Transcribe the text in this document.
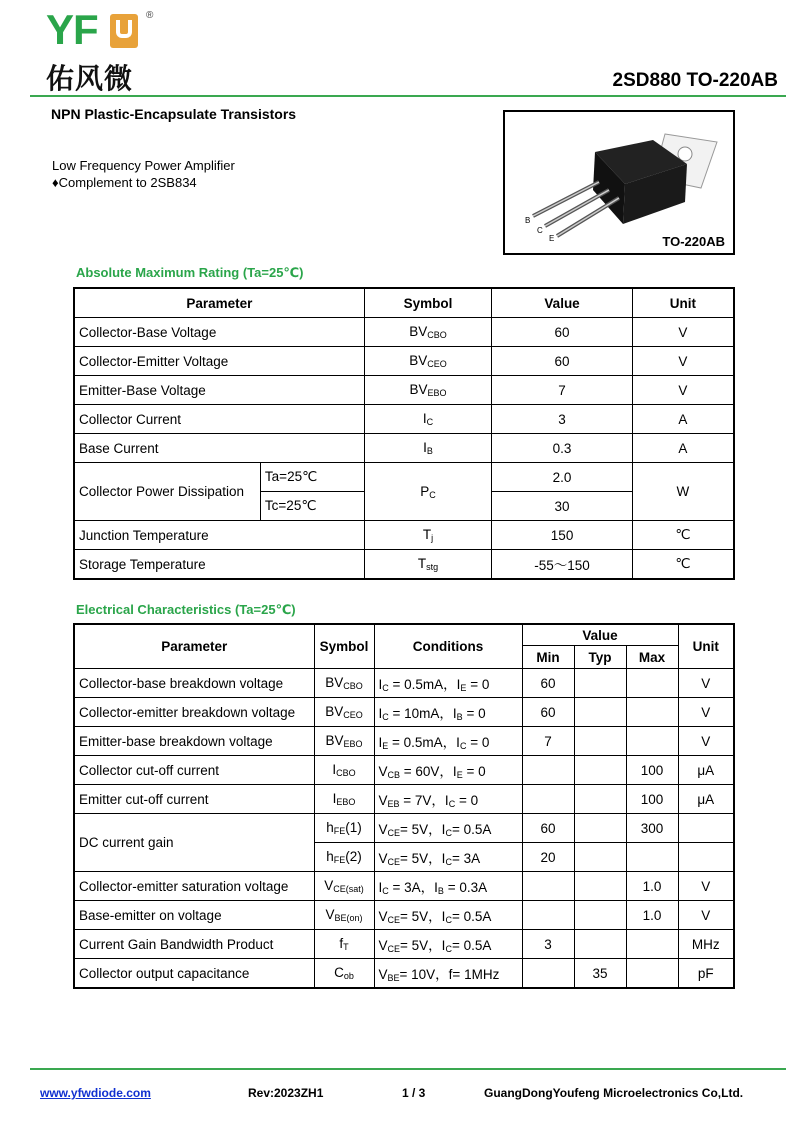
YF	®
佑风微	2SD880 TO-220AB
NPN Plastic-Encapsulate Transistors
Low Frequency Power Amplifier
♦Complement to 2SB834
B
C
E	TO-220AB
Absolute Maximum Rating (Ta=25℃)
Parameter		Symbol	Value	Unit
Collector-Base Voltage		$BV_{CBO}$	60	V
Collector-Emitter Voltage		$BV_{CEO}$	60	V
Emitter-Base Voltage		$BV_{EBO}$	7	V
Collector Current		$I_C$	3	A
Base Current		$I_B$	0.3	A
Collector Power Dissipation	Ta=25℃	$P_C$	2.0	W
	Tc=25℃		30	
Junction Temperature		$T_j$	150	℃
Storage Temperature		$T_{stg}$	-55～150	℃
Electrical Characteristics (Ta=25℃)
Parameter	Symbol	Conditions	Value			Unit
			Min	Typ	Max	
Collector-base breakdown voltage	$BV_{CBO}$	$I_C = 0.5mA$，$I_E = 0$	60			V
Collector-emitter breakdown voltage	$BV_{CEO}$	$I_C = 10mA$，$I_B = 0$	60			V
Emitter-base breakdown voltage	$BV_{EBO}$	$I_E = 0.5mA$，$I_C = 0$	7			V
Collector cut-off current	$I_{CBO}$	$V_{CB} = 60V$，$I_E = 0$			100	μA
Emitter cut-off current	$I_{EBO}$	$V_{EB} = 7V$，$I_C = 0$			100	μA
DC current gain	$h_{FE}(1)$	$V_{CE}= 5V$，$I_C= 0.5A$	60		300	
	$h_{FE}(2)$	$V_{CE}= 5V$，$I_C= 3A$	20			
Collector-emitter saturation voltage	$V_{CE(sat)}$	$I_C = 3A$，$I_B = 0.3A$			1.0	V
Base-emitter on voltage	$V_{BE(on)}$	$V_{CE}= 5V$，$I_C= 0.5A$			1.0	V
Current Gain Bandwidth Product	$f_T$	$V_{CE}= 5V$，$I_C= 0.5A$	3			MHz
Collector output capacitance	$C_{ob}$	$V_{BE}= 10V$，f= 1MHz		35		pF
www.yfwdiode.com	Rev:2023ZH1	1 / 3	GuangDongYoufeng Microelectronics Co,Ltd.
